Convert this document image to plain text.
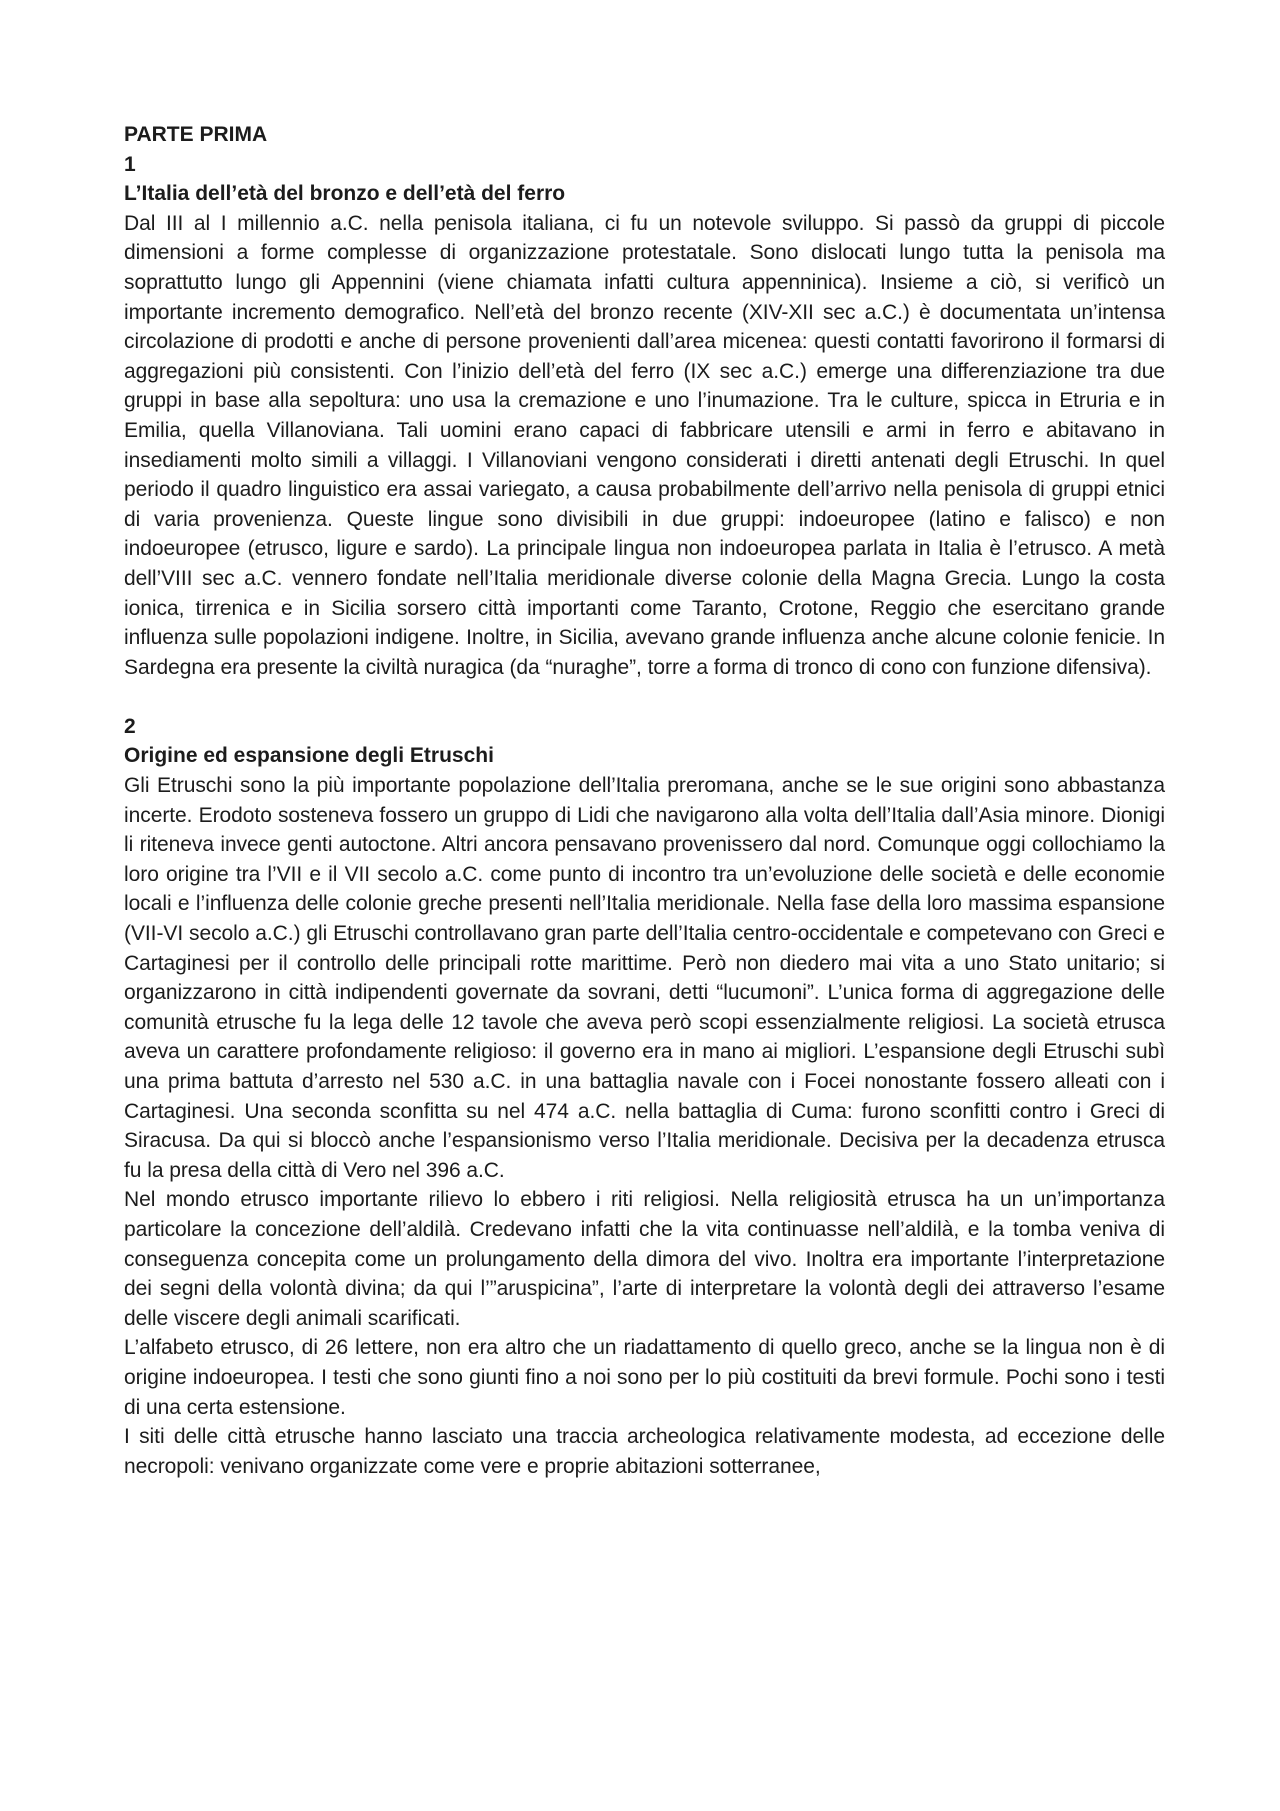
PARTE PRIMA

1

L’Italia dell’età del bronzo e dell’età del ferro

Dal III al I millennio a.C. nella penisola italiana, ci fu un notevole sviluppo. Si passò da gruppi di piccole dimensioni a forme complesse di organizzazione protestatale. Sono dislocati lungo tutta la penisola ma soprattutto lungo gli Appennini (viene chiamata infatti cultura appenninica). Insieme a ciò, si verificò un importante incremento demografico. Nell’età del bronzo recente (XIV-XII sec a.C.) è documentata un’intensa circolazione di prodotti e anche di persone provenienti dall’area micenea: questi contatti favorirono il formarsi di aggregazioni più consistenti. Con l’inizio dell’età del ferro (IX sec a.C.) emerge una differenziazione tra due gruppi in base alla sepoltura: uno usa la cremazione e uno l’inumazione. Tra le culture, spicca in Etruria e in Emilia, quella Villanoviana. Tali uomini erano capaci di fabbricare utensili e armi in ferro e abitavano in insediamenti molto simili a villaggi. I Villanoviani vengono considerati i diretti antenati degli Etruschi. In quel periodo il quadro linguistico era assai variegato, a causa probabilmente dell’arrivo nella penisola di gruppi etnici di varia provenienza. Queste lingue sono divisibili in due gruppi: indoeuropee (latino e falisco) e non indoeuropee (etrusco, ligure e sardo). La principale lingua non indoeuropea parlata in Italia è l’etrusco. A metà dell’VIII sec a.C. vennero fondate nell’Italia meridionale diverse colonie della Magna Grecia. Lungo la costa ionica, tirrenica e in Sicilia sorsero città importanti come Taranto, Crotone, Reggio che esercitano grande influenza sulle popolazioni indigene. Inoltre, in Sicilia, avevano grande influenza anche alcune colonie fenicie. In Sardegna era presente la civiltà nuragica (da “nuraghe”, torre a forma di tronco di cono con funzione difensiva).

2

Origine ed espansione degli Etruschi

Gli Etruschi sono la più importante popolazione dell’Italia preromana, anche se le sue origini sono abbastanza incerte. Erodoto sosteneva fossero un gruppo di Lidi che navigarono alla volta dell’Italia dall’Asia minore. Dionigi li riteneva invece genti autoctone. Altri ancora pensavano provenissero dal nord. Comunque oggi collochiamo la loro origine tra l’VII e il VII secolo a.C. come punto di incontro tra un’evoluzione delle società e delle economie locali e l’influenza delle colonie greche presenti nell’Italia meridionale. Nella fase della loro massima espansione (VII-VI secolo a.C.) gli Etruschi controllavano gran parte dell’Italia centro-occidentale e competevano con Greci e Cartaginesi per il controllo delle principali rotte marittime. Però non diedero mai vita a uno Stato unitario; si organizzarono in città indipendenti governate da sovrani, detti “lucumoni”. L’unica forma di aggregazione delle comunità etrusche fu la lega delle 12 tavole che aveva però scopi essenzialmente religiosi. La società etrusca aveva un carattere profondamente religioso: il governo era in mano ai migliori. L’espansione degli Etruschi subì una prima battuta d’arresto nel 530 a.C. in una battaglia navale con i Focei nonostante fossero alleati con i Cartaginesi. Una seconda sconfitta su nel 474 a.C. nella battaglia di Cuma: furono sconfitti contro i Greci di Siracusa. Da qui si bloccò anche l’espansionismo verso l’Italia meridionale. Decisiva per la decadenza etrusca fu la presa della città di Vero nel 396 a.C.

Nel mondo etrusco importante rilievo lo ebbero i riti religiosi. Nella religiosità etrusca ha un un’importanza particolare la concezione dell’aldilà. Credevano infatti che la vita continuasse nell’aldilà, e la tomba veniva di conseguenza concepita come un prolungamento della dimora del vivo. Inoltra era importante l’interpretazione dei segni della volontà divina; da qui l’”aruspicina”, l’arte di interpretare la volontà degli dei attraverso l’esame delle viscere degli animali scarificati.

L’alfabeto etrusco, di 26 lettere, non era altro che un riadattamento di quello greco, anche se la lingua non è di origine indoeuropea. I testi che sono giunti fino a noi sono per lo più costituiti da brevi formule. Pochi sono i testi di una certa estensione.

I siti delle città etrusche hanno lasciato una traccia archeologica relativamente modesta, ad eccezione delle necropoli: venivano organizzate come vere e proprie abitazioni sotterranee,
